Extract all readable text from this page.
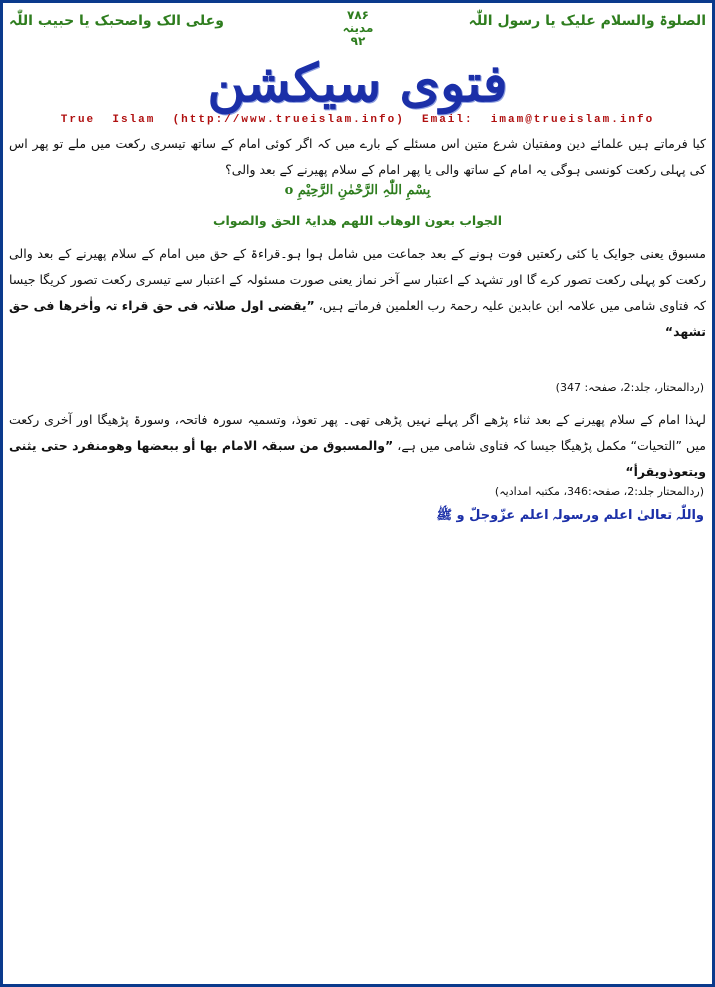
الصلوۃ والسلام علیک یا رسول اللّٰہ
۷۸۶
مدینہ
۹۲
وعلی الک واصحبک یا حبیب اللّٰہ
فتوی سیکشن
True  Islam  (http://www.trueislam.info)  Email:  imam@trueislam.info
کیا فرماتے ہیں علمائے دین ومفتیان شرع متین اس مسئلے کے بارے میں کہ اگر کوئی امام کے ساتھ تیسری رکعت میں ملے تو پھر اس کی پہلی رکعت کونسی ہوگی یہ امام کے ساتھ والی یا پھر امام کے سلام پھیرنے کے بعد والی؟
بِسْمِ اللّٰہِ الرَّحْمٰنِ الرَّحِیْمِ o
الجواب بعون الوھاب اللھم ھدایۃ الحق والصواب
مسبوق یعنی جوایک یا کئی رکعتیں فوت ہونے کے بعد جماعت میں شامل ہوا ہو۔قراءۃ کے حق میں امام کے سلام پھیرنے کے بعد والی رکعت کو پہلی رکعت تصور کرے گا اور تشہد کے اعتبار سے آخر نماز یعنی صورت مسئولہ کے اعتبار سے تیسری رکعت تصور کریگا جیسا کہ فتاوی شامی میں علامہ ابن عابدین علیہ رحمۃ رب العلمین فرماتے ہیں، ”یقضی اول صلاتہ فی حق قراء تہ واٰخرھا فی حق تشھد“
(ردالمحتار، جلد:2، صفحہ: 347)
لہذا امام کے سلام پھیرنے کے بعد ثناء پڑھے اگر پہلے نہیں پڑھی تھی۔ پھر تعوذ، وتسمیہ سورہ فاتحہ، وسورۃ پڑھیگا اور آخری رکعت میں ”التحیات“ مکمل پڑھیگا جیسا کہ فتاوی شامی میں ہے، ”والمسبوق من سبقہ الامام بھا أو ببعضھا وھومنفرد حتی یثنی ویتعوذویقرأ“
(ردالمحتار جلد:2، صفحہ:346، مکتبہ امدادیہ)
واللّٰہ تعالیٰ اعلم ورسولہ اعلم عزّوجلّ و ﷺ
